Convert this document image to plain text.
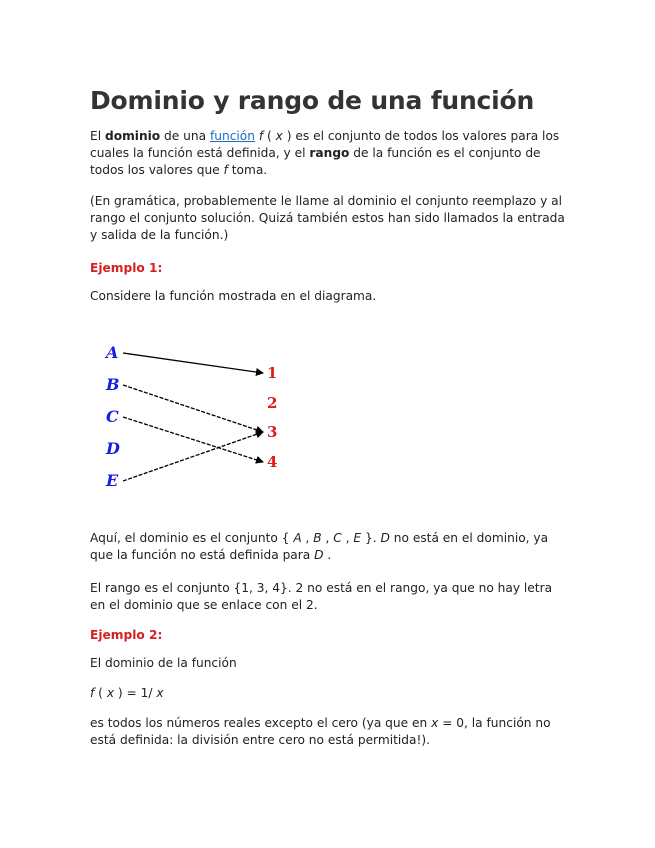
Dominio y rango de una función

El dominio de una función f ( x ) es el conjunto de todos los valores para los cuales la función está definida, y el rango de la función es el conjunto de todos los valores que f toma.

(En gramática, probablemente le llame al dominio el conjunto reemplazo y al rango el conjunto solución. Quizá también estos han sido llamados la entrada y salida de la función.)

Ejemplo 1:

Considere la función mostrada en el diagrama.

Aquí, el dominio es el conjunto { A , B , C , E }. D no está en el dominio, ya que la función no está definida para D .

El rango es el conjunto {1, 3, 4}. 2 no está en el rango, ya que no hay letra en el dominio que se enlace con el 2.

Ejemplo 2:

El dominio de la función

f ( x ) = 1/ x

es todos los números reales excepto el cero (ya que en x = 0, la función no está definida: la división entre cero no está permitida!).

A
B
C
D
E
1
2
3
4
